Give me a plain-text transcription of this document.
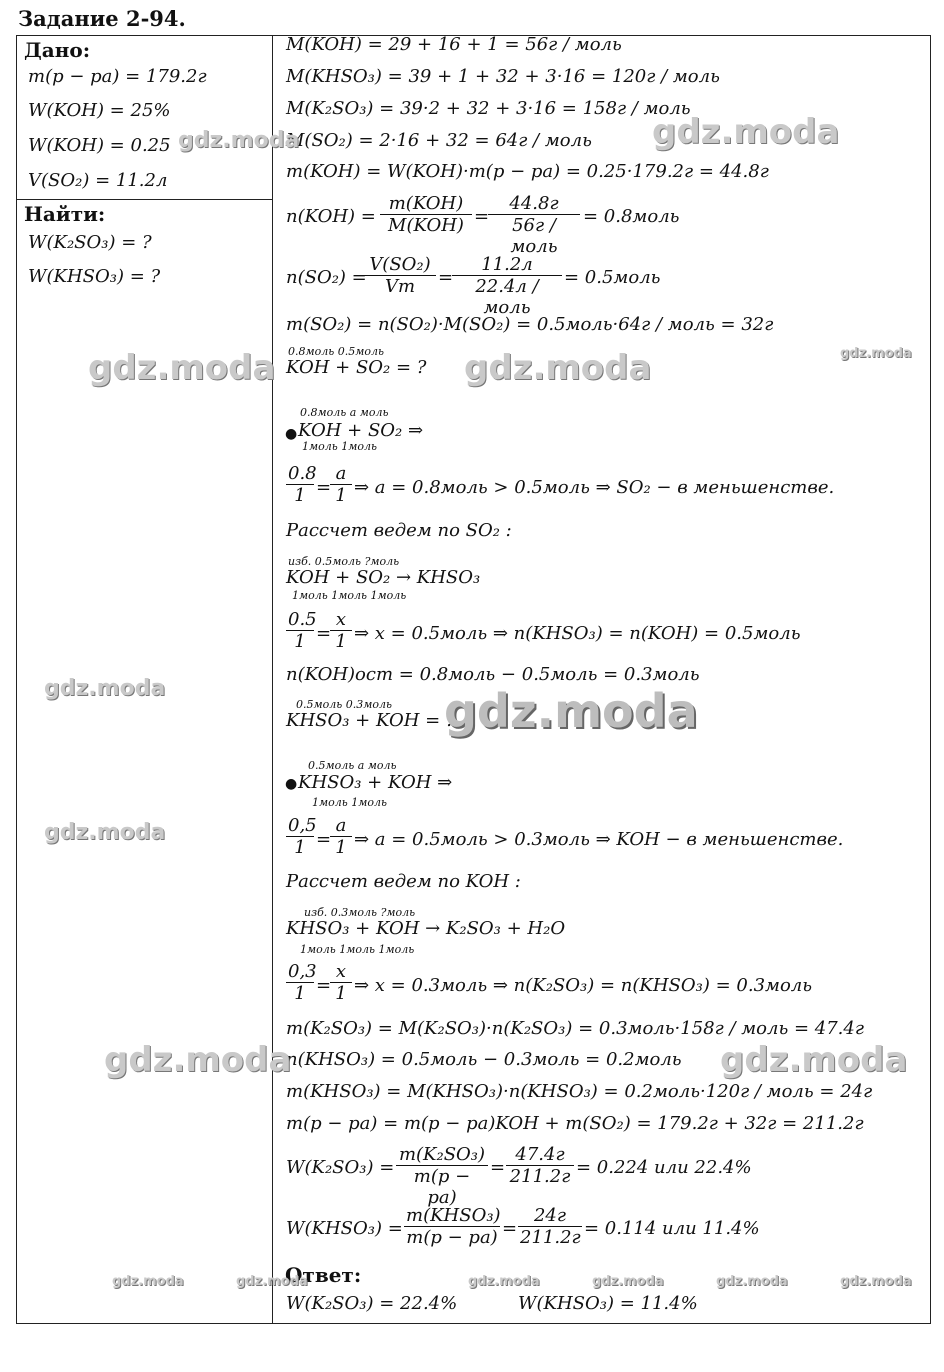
Задание 2-94.
Дано:
m(р − ра) = 179.2г
W(KOH) = 25%
W(KOH) = 0.25
V(SO₂) = 11.2л
Найти:
W(K₂SO₃) = ?
W(KHSO₃) = ?
M(KOH) = 29 + 16 + 1 = 56г / моль
M(KHSO₃) = 39 + 1 + 32 + 3·16 = 120г / моль
M(K₂SO₃) = 39·2 + 32 + 3·16 = 158г / моль
M(SO₂) = 2·16 + 32 = 64г / моль
m(KOH) = W(KOH)·m(р − ра) = 0.25·179.2г = 44.8г
n(KOH) =
m(KOH)
M(KOH) =
44.8г
56г / моль
= 0.8моль
n(SO₂) =
$\frac{\text{V(SO₂)}}{Vm}$ =
11.2л
22.4л / моль
= 0.5моль
m(SO₂) = n(SO₂)·M(SO₂) = 0.5моль·64г / моль = 32г
0.8моль 0.5моль
KOH + SO₂ = ?
●
0.8моль а моль
KOH + SO₂ ⇒
1моль 1моль
$\frac{0.8}{1}$ =
$\frac{a}{1}$ ⇒ a = 0.8моль > 0.5моль ⇒ SO₂ − в меньшенстве.
Рассчет ведем по SO₂ :
изб. 0.5моль ?моль
KOH + SO₂ → KHSO₃
1моль 1моль 1моль
$\frac{0.5}{1}$ =
$\frac{x}{1}$ ⇒ x = 0.5моль ⇒ n(KHSO₃) = n(KOH) = 0.5моль
n(KOH)ост = 0.8моль − 0.5моль = 0.3моль
0.5моль 0.3моль
KHSO₃ + KOH = ?
●
0.5моль а моль
KHSO₃ + KOH ⇒
1моль 1моль
$\frac{0,5}{1}$ =
$\frac{a}{1}$ ⇒ a = 0.5моль > 0.3моль ⇒ KOH − в меньшенстве.
Рассчет ведем по KOH :
изб. 0.3моль ?моль
KHSO₃ + KOH → K₂SO₃ + H₂O
1моль 1моль 1моль
$\frac{0,3}{1}$ =
$\frac{x}{1}$ ⇒ x = 0.3моль ⇒ n(K₂SO₃) = n(KHSO₃) = 0.3моль
m(K₂SO₃) = M(K₂SO₃)·n(K₂SO₃) = 0.3моль·158г / моль = 47.4г
n(KHSO₃) = 0.5моль − 0.3моль = 0.2моль
m(KHSO₃) = M(KHSO₃)·n(KHSO₃) = 0.2моль·120г / моль = 24г
m(р − ра) = m(р − ра)KOH + m(SO₂) = 179.2г + 32г = 211.2г
W(K₂SO₃) =
m(K₂SO₃)
m(р − ра)
=
47.4г
211.2г = 0.224 или 22.4%
W(KHSO₃) =
m(KHSO₃)
m(р − ра) =
24г
211.2г = 0.114 или 11.4%
Ответ:
W(K₂SO₃) = 22.4%	W(KHSO₃) = 11.4%
gdz.moda	gdz.moda
gdz.moda	gdz.moda	gdz.moda
gdz.moda	gdz.moda
gdz.moda
gdz.moda	gdz.moda
gdz.moda	gdz.moda	gdz.moda	gdz.moda	gdz.moda	gdz.moda
